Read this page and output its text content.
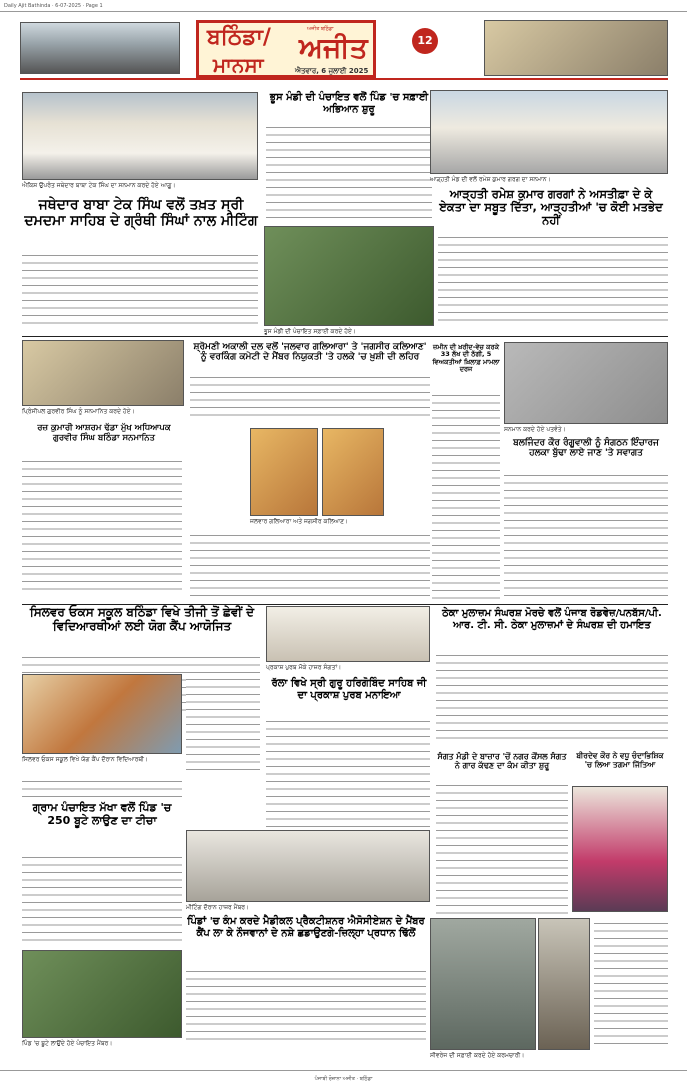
Daily Ajit Bathinda · 6-07-2025 · Page 1
ਬਠਿੰਡਾ/
ਮਾਨਸਾ
ਅਜੀਤ ਬਠਿੰਡਾ
ਅਜੀਤ
ਐਤਵਾਰ, 6 ਜੁਲਾਈ 2025
12
ਐਕਿਸ਼ ਉਪਰੰਤ ਜਥੇਦਾਰ ਬਾਬਾ ਟੇਕ ਸਿੰਘ ਦਾ ਸਨਮਾਨ ਕਰਦੇ ਹੋਏ ਆਗੂ।
ਜਥੇਦਾਰ ਬਾਬਾ ਟੇਕ ਸਿੰਘ ਵਲੋਂ ਤਖ਼ਤ ਸ੍ਰੀ ਦਮਦਮਾ ਸਾਹਿਬ ਦੇ ਗ੍ਰੰਥੀ ਸਿੰਘਾਂ ਨਾਲ ਮੀਟਿੰਗ
ਭੂਸ ਮੰਡੀ ਦੀ ਪੰਚਾਇਤ ਵਲੋਂ ਪਿੰਡ 'ਚ ਸਫ਼ਾਈ ਅਭਿਆਨ ਸ਼ੁਰੂ
ਭੂਸ ਮੰਡੀ ਦੀ ਪੰਚਾਇਤ ਸਫ਼ਾਈ ਕਰਦੇ ਹੋਏ।
ਆੜ੍ਹਤੀ ਮੰਡ ਦੀ ਵਲੋਂ ਰਮੇਸ਼ ਕੁਮਾਰ ਗਰਗ ਦਾ ਸਨਮਾਨ।
ਆੜ੍ਹਤੀ ਰਮੇਸ਼ ਕੁਮਾਰ ਗਰਗਾਂ ਨੇ ਅਸਤੀਫ਼ਾ ਦੇ ਕੇ ਏਕਤਾ ਦਾ ਸਬੂਤ ਦਿੱਤਾ, ਆੜ੍ਹਤੀਆਂ 'ਚ ਕੋਈ ਮਤਭੇਦ ਨਹੀਂ
ਪ੍ਰਿੰਸੀਪਲ ਗੁਰਵੀਰ ਸਿੰਘ ਨੂੰ ਸਨਮਾਨਿਤ ਕਰਦੇ ਹੋਏ।
ਰਜ਼ ਕੁਮਾਰੀ ਆਸ਼ਰਮ ਢੱਡਾ ਮੁੱਖ ਅਧਿਆਪਕ ਗੁਰਵੀਰ ਸਿੰਘ ਬਠਿੰਡਾ ਸਨਮਾਨਿਤ
ਸ਼੍ਰੋਮਣੀ ਅਕਾਲੀ ਦਲ ਵਲੋਂ 'ਜਲਵਾਰ ਗਲਿਆਰਾ' ਤੇ 'ਜਗਸੀਰ ਕਲਿਆਣ' ਨੂੰ ਵਰਕਿੰਗ ਕਮੇਟੀ ਦੇ ਮੈਂਬਰ ਨਿਯੁਕਤੀ 'ਤੇ ਹਲਕੇ 'ਚ ਖ਼ੁਸ਼ੀ ਦੀ ਲਹਿਰ
ਜਲਵਾਰ ਗਲਿਆਰਾ ਅਤੇ ਜਗਸੀਰ ਕਲਿਆਣ।
ਜ਼ਮੀਨ ਦੀ ਖ਼ਰੀਦ-ਵੇਚ ਕਰਕੇ 33 ਲੱਖ ਦੀ ਠੱਗੀ, 5 ਵਿਅਕਤੀਆਂ ਖ਼ਿਲਾਫ਼ ਮਾਮਲਾ ਦਰਜ
ਸਨਮਾਨ ਕਰਦੇ ਹੋਏ ਪਤਵੰਤੇ।
ਬਲਜਿੰਦਰ ਕੌਰ ਰੰਗੂਵਾਲੀ ਨੂੰ ਸੰਗਠਨ ਇੰਚਾਰਜ ਹਲਕਾ ਬੁੱਢਾ ਲਾਏ ਜਾਣ 'ਤੇ ਸਵਾਗਤ
ਸਿਲਵਰ ਓਕਸ ਸਕੂਲ ਬਠਿੰਡਾ ਵਿਖੇ ਤੀਜੀ ਤੋਂ ਛੇਵੀਂ ਦੇ ਵਿਦਿਆਰਥੀਆਂ ਲਈ ਯੋਗ ਕੈਂਪ ਆਯੋਜਿਤ
ਸਿਲਵਰ ਓਕਸ ਸਕੂਲ ਵਿਖੇ ਯੋਗ ਕੈਂਪ ਦੌਰਾਨ ਵਿਦਿਆਰਥੀ।
ਪ੍ਰਕਾਸ਼ ਪੁਰਬ ਮੌਕੇ ਹਾਜ਼ਰ ਸੰਗਤਾਂ।
ਰੱਲਾ ਵਿਖੇ ਸ੍ਰੀ ਗੁਰੂ ਹਰਿਗੋਬਿੰਦ ਸਾਹਿਬ ਜੀ ਦਾ ਪ੍ਰਕਾਸ਼ ਪੁਰਬ ਮਨਾਇਆ
ਠੇਕਾ ਮੁਲਾਜ਼ਮ ਸੰਘਰਸ਼ ਮੋਰਚੇ ਵਲੋਂ ਪੰਜਾਬ ਰੋਡਵੇਜ਼/ਪਨਬੱਸ/ਪੀ. ਆਰ. ਟੀ. ਸੀ. ਠੇਕਾ ਮੁਲਾਜ਼ਮਾਂ ਦੇ ਸੰਘਰਸ਼ ਦੀ ਹਮਾਇਤ
ਗ੍ਰਾਮ ਪੰਚਾਇਤ ਮੱਖਾ ਵਲੋਂ ਪਿੰਡ 'ਚ 250 ਬੂਟੇ ਲਾਉਣ ਦਾ ਟੀਚਾ
ਪਿੰਡ 'ਚ ਬੂਟੇ ਲਾਉਂਦੇ ਹੋਏ ਪੰਚਾਇਤ ਮੈਂਬਰ।
ਮੀਟਿੰਗ ਦੌਰਾਨ ਹਾਜ਼ਰ ਮੈਂਬਰ।
ਸੰਗਤ ਮੰਡੀ ਦੇ ਬਾਜ਼ਾਰ 'ਚੋਂ ਨਗਰ ਕੌਂਸਲ ਸੰਗਤ ਨੇ ਗਾਰ ਕੱਢਣ ਦਾ ਕੰਮ ਕੀਤਾ ਸ਼ੁਰੂ
ਬੀਰਦੇਵ ਕੌਰ ਨੇ ਵਧੂ ਚੰਦਾਭਿਸ਼ਿਕ 'ਚ ਲਿਆ ਤਗਮਾ ਜਿੱਤਿਆ
ਪਿੰਡਾਂ 'ਚ ਕੰਮ ਕਰਦੇ ਮੈਡੀਕਲ ਪ੍ਰੈਕਟੀਸ਼ਨਰ ਐਸੋਸੀਏਸ਼ਨ ਦੇ ਮੈਂਬਰ ਕੈਂਪ ਲਾ ਕੇ ਨੌਜਵਾਨਾਂ ਦੇ ਨਸ਼ੇ ਛਡਾਉਣਗੇ-ਜ਼ਿਲ੍ਹਾ ਪ੍ਰਧਾਨ ਢਿੱਲੋਂ
ਸੀਵਰੇਜ ਦੀ ਸਫ਼ਾਈ ਕਰਦੇ ਹੋਏ ਕਰਮਚਾਰੀ।
ਪੰਜਾਬੀ ਰੋਜ਼ਾਨਾ ਅਜੀਤ · ਬਠਿੰਡਾ
